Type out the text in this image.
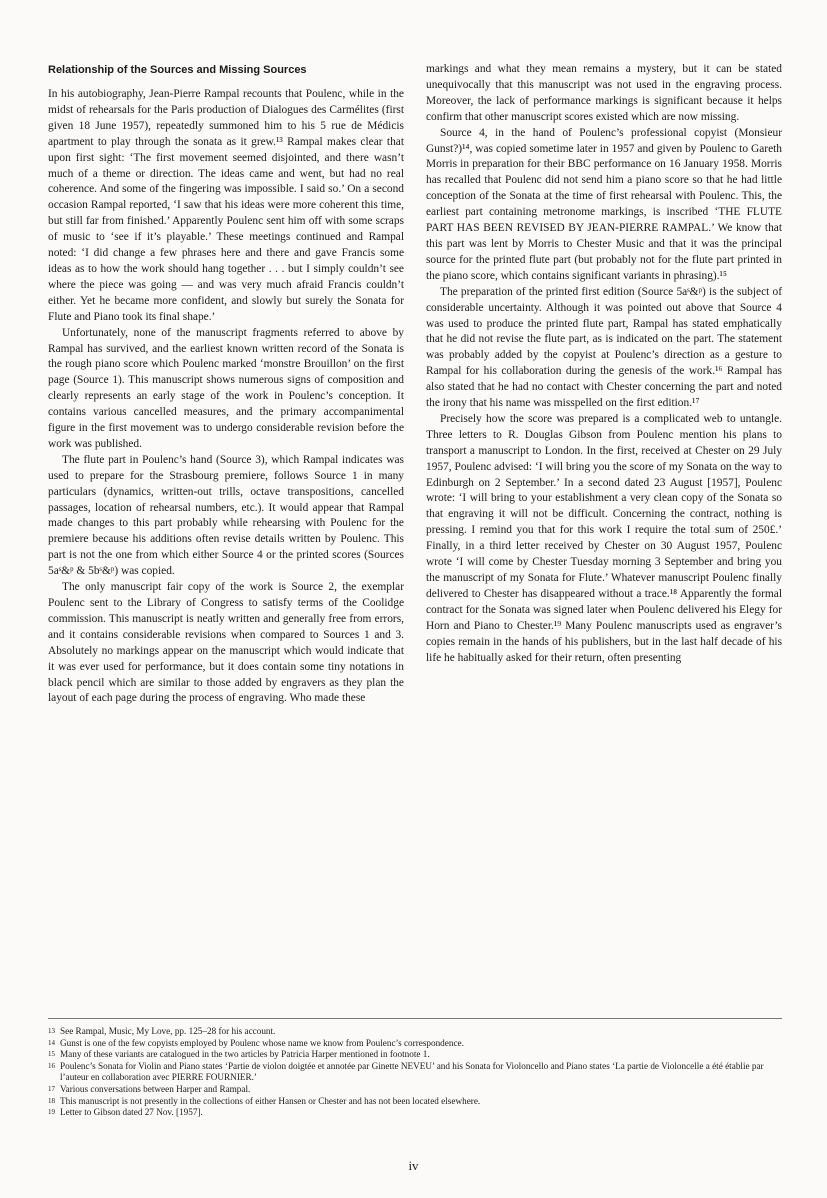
Relationship of the Sources and Missing Sources

In his autobiography, Jean-Pierre Rampal recounts that Poulenc, while in the midst of rehearsals for the Paris production of Dialogues des Carmélites (first given 18 June 1957), repeatedly summoned him to his 5 rue de Médicis apartment to play through the sonata as it grew.¹³ Rampal makes clear that upon first sight: ‘The first movement seemed disjointed, and there wasn’t much of a theme or direction. The ideas came and went, but had no real coherence. And some of the fingering was impossible. I said so.’ On a second occasion Rampal reported, ‘I saw that his ideas were more coherent this time, but still far from finished.’ Apparently Poulenc sent him off with some scraps of music to ‘see if it’s playable.’ These meetings continued and Rampal noted: ‘I did change a few phrases here and there and gave Francis some ideas as to how the work should hang together . . . but I simply couldn’t see where the piece was going — and was very much afraid Francis couldn’t either. Yet he became more confident, and slowly but surely the Sonata for Flute and Piano took its final shape.’

Unfortunately, none of the manuscript fragments referred to above by Rampal has survived, and the earliest known written record of the Sonata is the rough piano score which Poulenc marked ‘monstre Brouillon’ on the first page (Source 1). This manuscript shows numerous signs of composition and clearly represents an early stage of the work in Poulenc’s conception. It contains various cancelled measures, and the primary accompanimental figure in the first movement was to undergo considerable revision before the work was published.

The flute part in Poulenc’s hand (Source 3), which Rampal indicates was used to prepare for the Strasbourg premiere, follows Source 1 in many particulars (dynamics, written-out trills, octave transpositions, cancelled passages, location of rehearsal numbers, etc.). It would appear that Rampal made changes to this part probably while rehearsing with Poulenc for the premiere because his additions often revise details written by Poulenc. This part is not the one from which either Source 4 or the printed scores (Sources 5aˢ&ᵖ & 5bˢ&ᵖ) was copied.

The only manuscript fair copy of the work is Source 2, the exemplar Poulenc sent to the Library of Congress to satisfy terms of the Coolidge commission. This manuscript is neatly written and generally free from errors, and it contains considerable revisions when compared to Sources 1 and 3. Absolutely no markings appear on the manuscript which would indicate that it was ever used for performance, but it does contain some tiny notations in black pencil which are similar to those added by engravers as they plan the layout of each page during the process of engraving. Who made these

markings and what they mean remains a mystery, but it can be stated unequivocally that this manuscript was not used in the engraving process. Moreover, the lack of performance markings is significant because it helps confirm that other manuscript scores existed which are now missing.

Source 4, in the hand of Poulenc’s professional copyist (Monsieur Gunst?)¹⁴, was copied sometime later in 1957 and given by Poulenc to Gareth Morris in preparation for their BBC performance on 16 January 1958. Morris has recalled that Poulenc did not send him a piano score so that he had little conception of the Sonata at the time of first rehearsal with Poulenc. This, the earliest part containing metronome markings, is inscribed ‘THE FLUTE PART HAS BEEN REVISED BY JEAN-PIERRE RAMPAL.’ We know that this part was lent by Morris to Chester Music and that it was the principal source for the printed flute part (but probably not for the flute part printed in the piano score, which contains significant variants in phrasing).¹⁵

The preparation of the printed first edition (Source 5aˢ&ᵖ) is the subject of considerable uncertainty. Although it was pointed out above that Source 4 was used to produce the printed flute part, Rampal has stated emphatically that he did not revise the flute part, as is indicated on the part. The statement was probably added by the copyist at Poulenc’s direction as a gesture to Rampal for his collaboration during the genesis of the work.¹⁶ Rampal has also stated that he had no contact with Chester concerning the part and noted the irony that his name was misspelled on the first edition.¹⁷

Precisely how the score was prepared is a complicated web to untangle. Three letters to R. Douglas Gibson from Poulenc mention his plans to transport a manuscript to London. In the first, received at Chester on 29 July 1957, Poulenc advised: ‘I will bring you the score of my Sonata on the way to Edinburgh on 2 September.’ In a second dated 23 August [1957], Poulenc wrote: ‘I will bring to your establishment a very clean copy of the Sonata so that engraving it will not be difficult. Concerning the contract, nothing is pressing. I remind you that for this work I require the total sum of 250£.’ Finally, in a third letter received by Chester on 30 August 1957, Poulenc wrote ‘I will come by Chester Tuesday morning 3 September and bring you the manuscript of my Sonata for Flute.’ Whatever manuscript Poulenc finally delivered to Chester has disappeared without a trace.¹⁸ Apparently the formal contract for the Sonata was signed later when Poulenc delivered his Elegy for Horn and Piano to Chester.¹⁹ Many Poulenc manuscripts used as engraver’s copies remain in the hands of his publishers, but in the last half decade of his life he habitually asked for their return, often presenting

13 See Rampal, Music, My Love, pp. 125–28 for his account.
14 Gunst is one of the few copyists employed by Poulenc whose name we know from Poulenc’s correspondence.
15 Many of these variants are catalogued in the two articles by Patricia Harper mentioned in footnote 1.
16 Poulenc’s Sonata for Violin and Piano states ‘Partie de violon doigtée et annotée par Ginette NEVEU’ and his Sonata for Violoncello and Piano states ‘La partie de Violoncelle a été établie par l’auteur en collaboration avec PIERRE FOURNIER.’
17 Various conversations between Harper and Rampal.
18 This manuscript is not presently in the collections of either Hansen or Chester and has not been located elsewhere.
19 Letter to Gibson dated 27 Nov. [1957].
iv
